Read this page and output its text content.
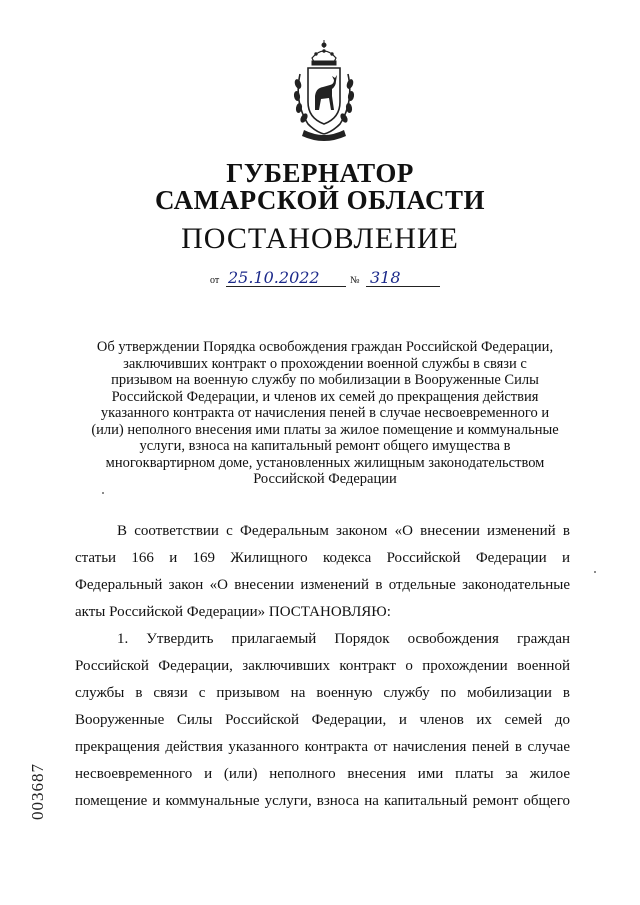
ГУБЕРНАТОР
САМАРСКОЙ ОБЛАСТИ
ПОСТАНОВЛЕНИЕ
от 25.10.2022	№ 318
Об утверждении Порядка освобождения граждан Российской Федерации,
заключивших контракт о прохождении военной службы в связи с
призывом на военную службу по мобилизации в Вооруженные Силы
Российской Федерации, и членов их семей до прекращения действия
указанного контракта от начисления пеней в случае несвоевременного и
(или) неполного внесения ими платы за жилое помещение и коммунальные
услуги, взноса на капитальный ремонт общего имущества в
многоквартирном доме, установленных жилищным законодательством
Российской Федерации
В соответствии с Федеральным законом «О внесении изменений в
статьи 166 и 169 Жилищного кодекса Российской Федерации и
Федеральный закон «О внесении изменений в отдельные законодательные
акты Российской Федерации» ПОСТАНОВЛЯЮ:
1. Утвердить прилагаемый Порядок освобождения граждан
Российской Федерации, заключивших контракт о прохождении военной
службы в связи с призывом на военную службу по мобилизации в
Вооруженные Силы Российской Федерации, и членов их семей до
прекращения действия указанного контракта от начисления пеней в случае
несвоевременного и (или) неполного внесения ими платы за жилое
помещение и коммунальные услуги, взноса на капитальный ремонт общего
003687
